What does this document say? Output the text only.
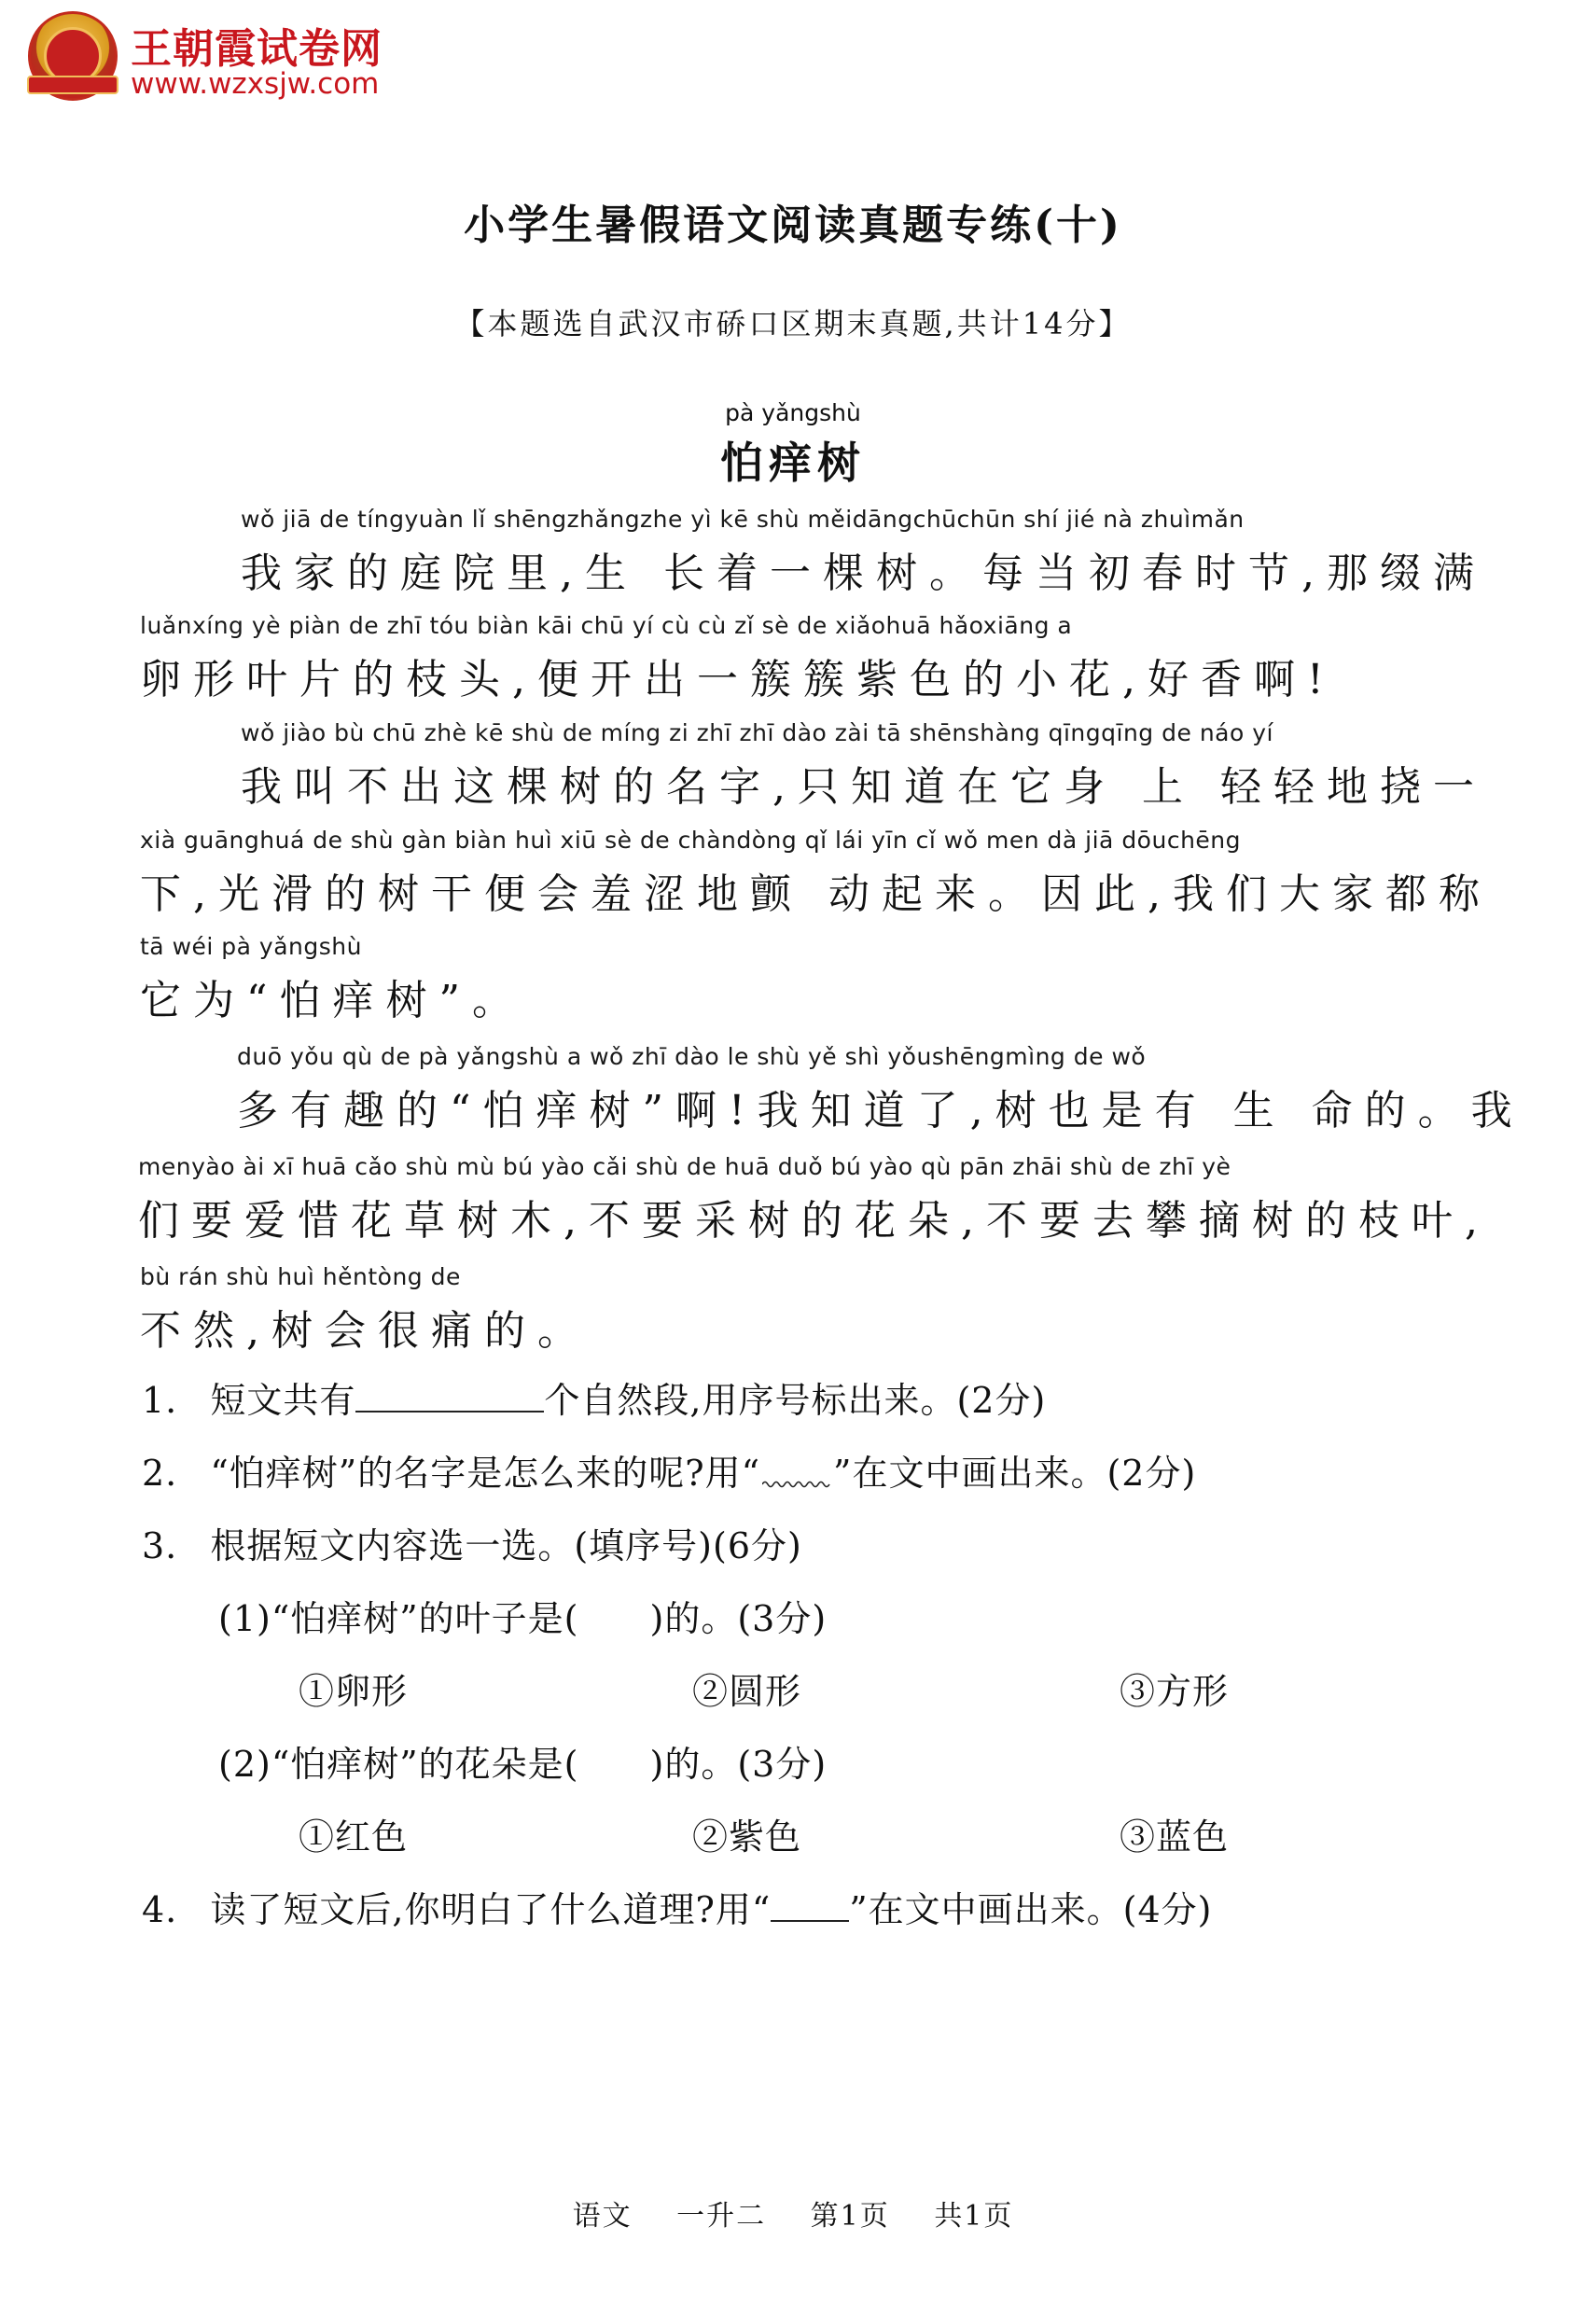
王朝霞试卷网
www.wzxsjw.com
小学生暑假语文阅读真题专练(十)
【本题选自武汉市硚口区期末真题,共计14分】
pà yǎngshù
怕痒树
wǒ jiā de tíngyuàn lǐ shēngzhǎngzhe yì kē shù měidāngchūchūn shí jié nà zhuìmǎn
我家的庭院里,生 长着一棵树。每当初春时节,那缀满
luǎnxíng yè piàn de zhī tóu biàn kāi chū yí cù cù zǐ sè de xiǎohuā hǎoxiāng a
卵形叶片的枝头,便开出一簇簇紫色的小花,好香啊!
wǒ jiào bù chū zhè kē shù de míng zi zhī zhī dào zài tā shēnshàng qīngqīng de náo yí
我叫不出这棵树的名字,只知道在它身 上 轻轻地挠一
xià guānghuá de shù gàn biàn huì xiū sè de chàndòng qǐ lái yīn cǐ wǒ men dà jiā dōuchēng
下,光滑的树干便会羞涩地颤 动起来。因此,我们大家都称
tā wéi pà yǎngshù
它为“怕痒树”。
duō yǒu qù de pà yǎngshù a wǒ zhī dào le shù yě shì yǒushēngmìng de wǒ
多有趣的“怕痒树”啊!我知道了,树也是有 生 命的。我
menyào ài xī huā cǎo shù mù bú yào cǎi shù de huā duǒ bú yào qù pān zhāi shù de zhī yè
们要爱惜花草树木,不要采树的花朵,不要去攀摘树的枝叶,
bù rán shù huì hěntòng de
不然,树会很痛的。
1. 短文共有	个自然段,用序号标出来。(2分)
2. “怕痒树”的名字是怎么来的呢?用“ ”在文中画出来。(2分)
3. 根据短文内容选一选。(填序号)(6分)
(1)“怕痒树”的叶子是( )的。(3分)
①卵形	②圆形	③方形
(2)“怕痒树”的花朵是( )的。(3分)
①红色	②紫色	③蓝色
4. 读了短文后,你明白了什么道理?用“ ”在文中画出来。(4分)
语文 一升二 第1页 共1页
